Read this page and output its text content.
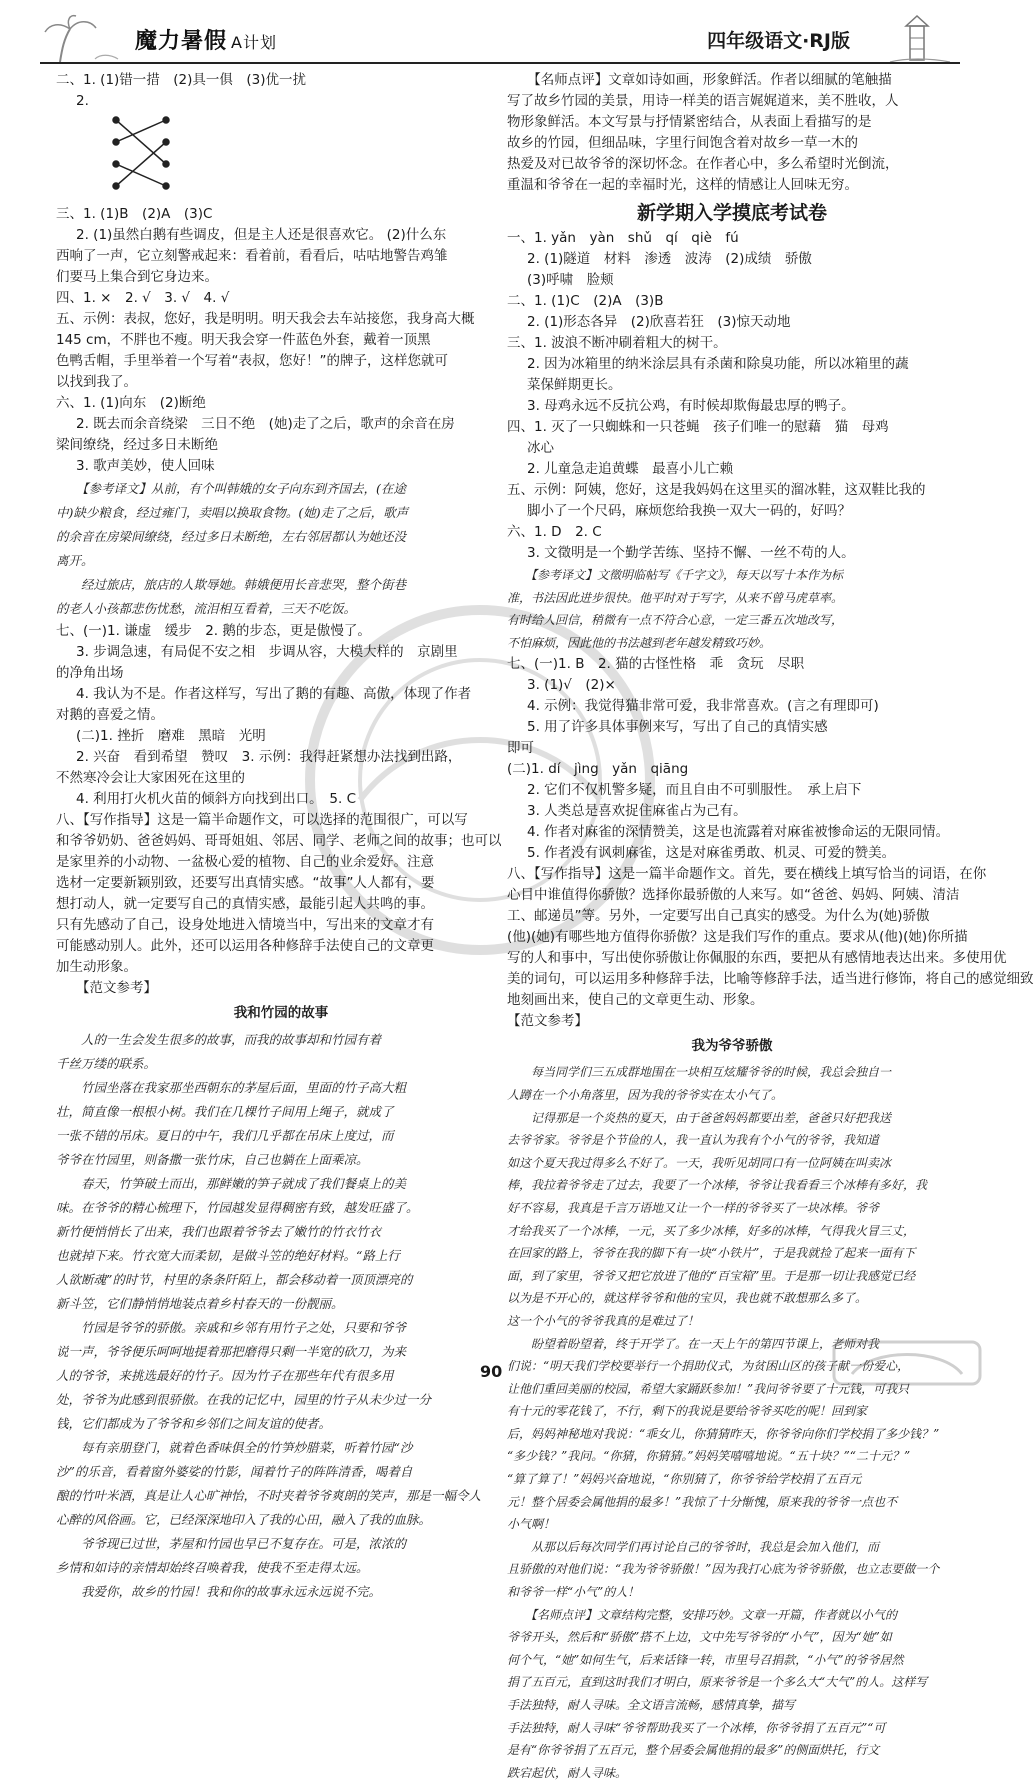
魔力暑假 A计划	四年级语文·RJ版
二、1. (1)错一措　(2)具一俱　(3)优一扰
2.
三、1. (1)B　(2)A　(3)C
2. (1)虽然白鹅有些调皮，但是主人还是很喜欢它。 (2)什么东
西响了一声，它立刻警戒起来：看着前，看看后，咕咕地警告鸡雏
们要马上集合到它身边来。
四、1. ×　2. √　3. √　4. √
五、示例：表叔，您好，我是明明。明天我会去车站接您，我身高大概
145 cm，不胖也不瘦。明天我会穿一件蓝色外套，戴着一顶黑
色鸭舌帽，手里举着一个写着“表叔，您好！”的牌子，这样您就可
以找到我了。
六、1. (1)向东　(2)断绝
2. 既去而余音绕梁　三日不绝　(她)走了之后，歌声的余音在房
梁间缭绕，经过多日未断绝
3. 歌声美妙，使人回味
【参考译文】从前，有个叫韩娥的女子向东到齐国去，(在途
中)缺少粮食，经过雍门，卖唱以换取食物。(她)走了之后，歌声
的余音在房梁间缭绕，经过多日未断绝，左右邻居都认为她还没
离开。
　　经过旅店，旅店的人欺辱她。韩娥便用长音悲哭，整个街巷
的老人小孩都悲伤忧愁，流泪相互看着，三天不吃饭。
七、(一)1. 谦虚　缓步　2. 鹅的步态，更是傲慢了。
3. 步调急速，有局促不安之相　步调从容，大模大样的　京剧里
的净角出场
4. 我认为不是。作者这样写，写出了鹅的有趣、高傲，体现了作者
对鹅的喜爱之情。
(二)1. 挫折　磨难　黑暗　光明
2. 兴奋　看到希望　赞叹　3. 示例：我得赶紧想办法找到出路，
不然寒冷会让大家困死在这里的
4. 利用打火机火苗的倾斜方向找到出口。　5. C
八、【写作指导】这是一篇半命题作文，可以选择的范围很广，可以写
和爷爷奶奶、爸爸妈妈、哥哥姐姐、邻居、同学、老师之间的故事；也可以
是家里养的小动物、一盆极心爱的植物、自己的业余爱好。注意
选材一定要新颖别致，还要写出真情实感。“故事”人人都有，要
想打动人，就一定要写自己的真情实感，最能引起人共鸣的事。
只有先感动了自己，设身处地进入情境当中，写出来的文章才有
可能感动别人。此外，还可以运用各种修辞手法使自己的文章更
加生动形象。
【范文参考】
我和竹园的故事
　　人的一生会发生很多的故事，而我的故事却和竹园有着
千丝万缕的联系。
　　竹园坐落在我家那坐西朝东的茅屋后面，里面的竹子高大粗
壮，简直像一根根小树。我们在几棵竹子间用上绳子，就成了
一张不错的吊床。夏日的中午，我们几乎都在吊床上度过，而
爷爷在竹园里，则备撒一张竹床，自己也躺在上面乘凉。
　　春天，竹笋破土而出，那鲜嫩的笋子就成了我们餐桌上的美
味。在爷爷的精心梳理下，竹园越发显得稠密有致，越发旺盛了。
新竹便悄悄长了出来，我们也跟着爷爷去了嫩竹的竹衣竹衣
也就掉下来。竹衣宽大而柔韧，是做斗笠的绝好材料。“路上行
人欲断魂”的时节，村里的条条阡陌上，都会移动着一顶顶漂亮的
新斗笠，它们静悄悄地装点着乡村春天的一份靓丽。
　　竹园是爷爷的骄傲。亲戚和乡邻有用竹子之处，只要和爷爷
说一声，爷爷便乐呵呵地提着那把磨得只剩一半宽的砍刀，为来
人的爷爷，来挑选最好的竹子。因为竹子在那些年代有很多用
处，爷爷为此感到很骄傲。在我的记忆中，园里的竹子从未少过一分
钱，它们都成为了爷爷和乡邻们之间友谊的使者。
　　每有亲朋登门，就着色香味俱全的竹笋炒腊菜，听着竹园“沙
沙”的乐音，看着窗外婆娑的竹影，闻着竹子的阵阵清香，喝着自
酿的竹叶米酒，真是让人心旷神怡，不时夹着爷爷爽朗的笑声，那是一幅令人
心醉的风俗画。它，已经深深地印入了我的心田，融入了我的血脉。
　　爷爷现已过世，茅屋和竹园也早已不复存在。可是，浓浓的
乡情和如诗的亲情却始终召唤着我，使我不至走得太远。
　　我爱你，故乡的竹园！我和你的故事永远永远说不完。
　　【名师点评】文章如诗如画，形象鲜活。作者以细腻的笔触描
写了故乡竹园的美景，用诗一样美的语言娓娓道来，美不胜收，人
物形象鲜活。本文写景与抒情紧密结合，从表面上看描写的是
故乡的竹园，但细品味，字里行间饱含着对故乡一草一木的
热爱及对已故爷爷的深切怀念。在作者心中，多么希望时光倒流，
重温和爷爷在一起的幸福时光，这样的情感让人回味无穷。
新学期入学摸底考试卷
一、1. yǎn　yàn　shǔ　qí　qiè　fú
2. (1)隧道　材料　渗透　波涛　(2)成绩　骄傲
(3)呼啸　脸颊
二、1. (1)C　(2)A　(3)B
2. (1)形态各异　(2)欣喜若狂　(3)惊天动地
三、1. 波浪不断冲刷着粗大的树干。
2. 因为冰箱里的纳米涂层具有杀菌和除臭功能，所以冰箱里的蔬
菜保鲜期更长。
3. 母鸡永远不反抗公鸡，有时候却欺侮最忠厚的鸭子。
四、1. 灭了一只蜘蛛和一只苍蝇　孩子们唯一的慰藉　猫　母鸡
冰心
2. 儿童急走追黄蝶　最喜小儿亡赖
五、示例：阿姨，您好，这是我妈妈在这里买的溜冰鞋，这双鞋比我的
脚小了一个尺码，麻烦您给我换一双大一码的，好吗？
六、1. D　2. C
3. 文徵明是一个勤学苦练、坚持不懈、一丝不苟的人。
　　【参考译文】文徵明临帖写《千字文》，每天以写十本作为标
准，书法因此进步很快。他平时对于写字，从来不曾马虎草率。
有时给人回信，稍微有一点不符合心意，一定三番五次地改写，
不怕麻烦，因此他的书法越到老年越发精致巧妙。
七、(一)1. B　2. 猫的古怪性格　乖　贪玩　尽职
3. (1)√　(2)×
4. 示例：我觉得猫非常可爱，我非常喜欢。(言之有理即可)
5. 用了许多具体事例来写，写出了自己的真情实感
即可
(二)1. dí　jìng　yǎn　qiāng
2. 它们不仅机警多疑，而且自由不可驯服性。　承上启下
3. 人类总是喜欢捉住麻雀占为己有。
4. 作者对麻雀的深情赞美，这是也流露着对麻雀被惨命运的无限同情。
5. 作者没有讽刺麻雀，这是对麻雀勇敢、机灵、可爱的赞美。
八、【写作指导】这是一篇半命题作文。首先，要在横线上填写恰当的词语，在你
心目中谁值得你骄傲？选择你最骄傲的人来写。如“爸爸、妈妈、阿姨、清洁
工、邮递员”等。另外，一定要写出自己真实的感受。为什么为(她)骄傲
(他)(她)有哪些地方值得你骄傲？这是我们写作的重点。要求从(他)(她)你所描
写的人和事中，写出使你骄傲让你佩服的东西，要把从有感情地表达出来。多使用优
美的词句，可以运用多种修辞手法，比喻等修辞手法，适当进行修饰，将自己的感觉细致
地刻画出来，使自己的文章更生动、形象。
【范文参考】
我为爷爷骄傲
　　每当同学们三五成群地围在一块相互炫耀爷爷的时候，我总会独自一
人蹲在一个小角落里，因为我的爷爷实在太小气了。
　　记得那是一个炎热的夏天，由于爸爸妈妈都要出差，爸爸只好把我送
去爷爷家。爷爷是个节俭的人，我一直认为我有个小气的爷爷，我知道
如这个夏天我过得多么不好了。一天，我听见胡同口有一位阿姨在叫卖冰
棒，我拉着爷爷走了过去，我要了一个冰棒，爷爷让我看看三个冰棒有多好，我
好不容易，我真是千言万语地又让一个一样的爷爷买了一块冰棒。爷爷
才给我买了一个冰棒，一元，买了多少冰棒，好多的冰棒，气得我火冒三丈，
在回家的路上，爷爷在我的脚下有一块“小铁片”，于是我就捡了起来一面有下
面，到了家里，爷爷又把它放进了他的“百宝箱”里。于是那一切让我感觉已经
以为是不开心的，就这样爷爷和他的宝贝，我也就不敢想那么多了。
这一个小气的爷爷我真的是难过了！
　　盼望着盼望着，终于开学了。在一天上午的第四节课上，老师对我
们说：“明天我们学校要举行一个捐助仪式，为贫困山区的孩子献一份爱心，
让他们重回美丽的校园，希望大家踊跃参加！”我问爷爷要了十元钱，可我只
有十元的零花钱了，不行，剩下的我说是要给爷爷买吃的呢！回到家
后，妈妈神秘地对我说：“乖女儿，你猜猜昨天，你爷爷向你们学校捐了多少钱？”
“多少钱？”我问。“你猜，你猜猜。”妈妈笑嘻嘻地说。“五十块？”“二十元？”
“算了算了！”妈妈兴奋地说，“你别猜了，你爷爷给学校捐了五百元
元！整个居委会属他捐的最多！”我惊了十分惭愧，原来我的爷爷一点也不
小气啊！
　　从那以后每次同学们再讨论自己的爷爷时，我总是会加入他们，而
且骄傲的对他们说：“我为爷爷骄傲！”因为我打心底为爷爷骄傲，也立志要做一个
和爷爷一样“小气”的人！
　　【名师点评】文章结构完整，安排巧妙。文章一开篇，作者就以小气的
爷爷开头，然后和“骄傲”搭不上边，文中先写爷爷的“小气”，因为“她”如
何个气，“她”如何生气，后来话锋一转，市里号召捐款，“小气”的爷爷居然
捐了五百元，直到这时我们才明白，原来爷爷是一个多么大“大气”的人。这样写
手法独特，耐人寻味。全文语言流畅，感情真挚，描写
手法独特，耐人寻味“爷爷帮助我买了一个冰棒，你爷爷捐了五百元”“可
是有“你爷爷捐了五百元，整个居委会属他捐的最多”的侧面烘托，行文
跌宕起伏，耐人寻味。
90
